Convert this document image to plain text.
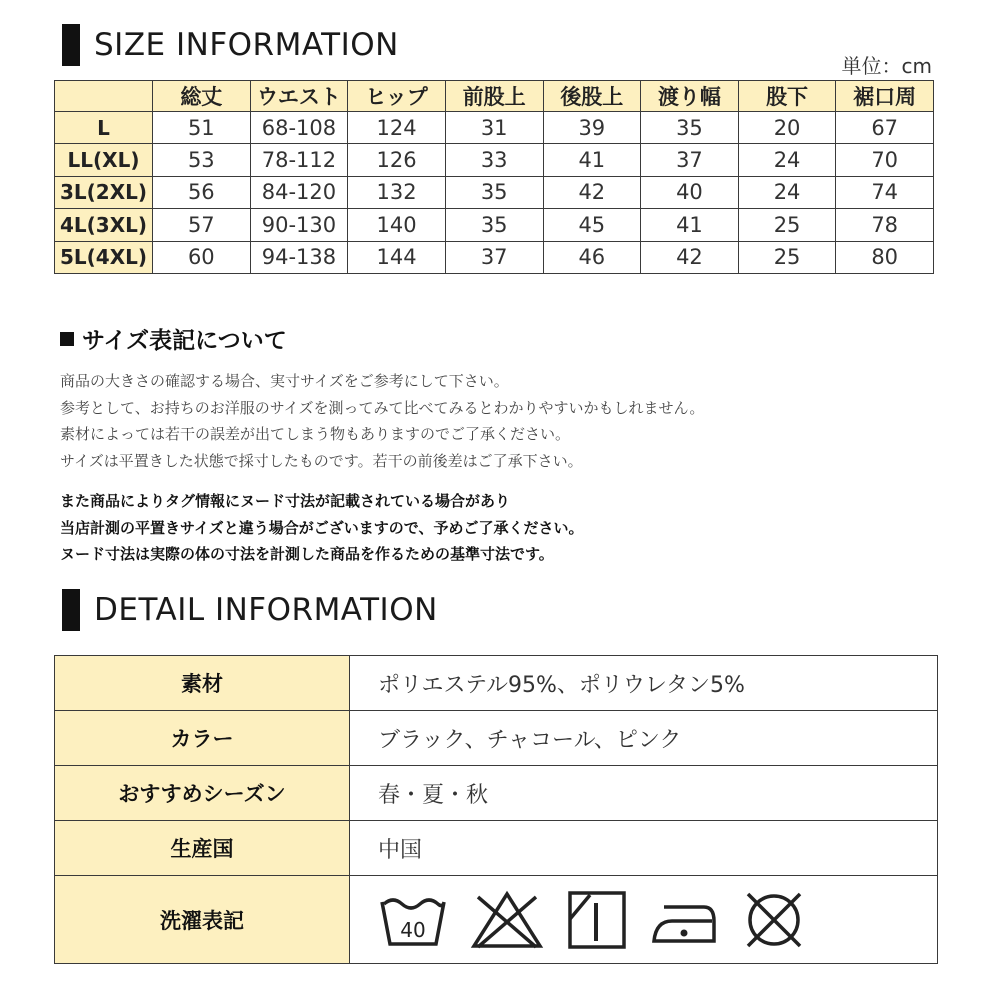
SIZE INFORMATION
単位：cm
	総丈	ウエスト	ヒップ	前股上	後股上	渡り幅	股下	裾口周
L	51	68-108	124	31	39	35	20	67
LL(XL)	53	78-112	126	33	41	37	24	70
3L(2XL)	56	84-120	132	35	42	40	24	74
4L(3XL)	57	90-130	140	35	45	41	25	78
5L(4XL)	60	94-138	144	37	46	42	25	80
サイズ表記について
商品の大きさの確認する場合、実寸サイズをご参考にして下さい。
参考として、お持ちのお洋服のサイズを測ってみて比べてみるとわかりやすいかもしれません。
素材によっては若干の誤差が出てしまう物もありますのでご了承ください。
サイズは平置きした状態で採寸したものです。若干の前後差はご了承下さい。
また商品によりタグ情報にヌード寸法が記載されている場合があり
当店計測の平置きサイズと違う場合がございますので、予めご了承ください。
ヌード寸法は実際の体の寸法を計測した商品を作るための基準寸法です。
DETAIL INFORMATION
素材	ポリエステル95%、ポリウレタン5%
カラー	ブラック、チャコール、ピンク
おすすめシーズン	春・夏・秋
生産国	中国
洗濯表記	40
